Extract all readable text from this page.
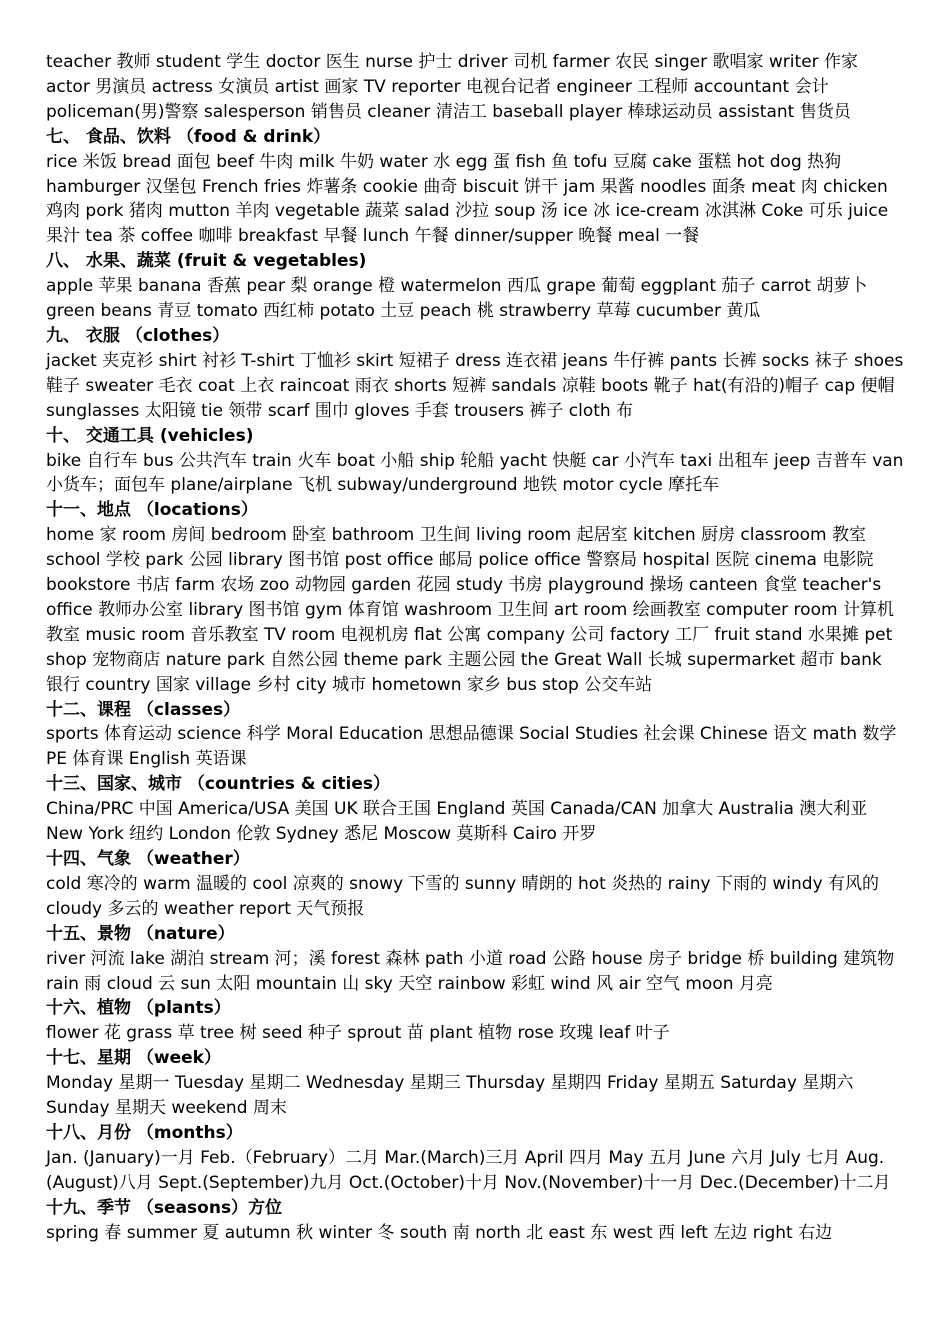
teacher 教师 student 学生 doctor 医生 nurse 护士 driver 司机 farmer 农民 singer 歌唱家 writer 作家 actor 男演员 actress 女演员 artist 画家 TV reporter 电视台记者 engineer 工程师 accountant 会计 policeman(男)警察 salesperson 销售员 cleaner 清洁工 baseball player 棒球运动员 assistant 售货员

七、 食品、饮料 （food & drink）

rice 米饭 bread 面包 beef 牛肉 milk 牛奶 water 水 egg 蛋 fish 鱼 tofu 豆腐 cake 蛋糕 hot dog 热狗 hamburger 汉堡包 French fries 炸薯条 cookie 曲奇 biscuit 饼干 jam 果酱 noodles 面条 meat 肉 chicken 鸡肉 pork 猪肉 mutton 羊肉 vegetable 蔬菜 salad 沙拉 soup 汤 ice 冰 ice-cream 冰淇淋 Coke 可乐 juice 果汁 tea 茶 coffee 咖啡 breakfast 早餐 lunch 午餐 dinner/supper 晚餐 meal 一餐

八、 水果、蔬菜 (fruit & vegetables)

apple 苹果 banana 香蕉 pear 梨 orange 橙 watermelon 西瓜 grape 葡萄 eggplant 茄子 carrot 胡萝卜 green beans 青豆 tomato 西红柿 potato 土豆 peach 桃 strawberry 草莓 cucumber 黄瓜

九、 衣服 （clothes）

jacket 夹克衫 shirt 衬衫 T-shirt 丁恤衫 skirt 短裙子 dress 连衣裙 jeans 牛仔裤 pants 长裤 socks 袜子 shoes 鞋子 sweater 毛衣 coat 上衣 raincoat 雨衣 shorts 短裤 sandals 凉鞋 boots 靴子 hat(有沿的)帽子 cap 便帽 sunglasses 太阳镜 tie 领带 scarf 围巾 gloves 手套 trousers 裤子 cloth 布

十、 交通工具 (vehicles)

bike 自行车 bus 公共汽车 train 火车 boat 小船 ship 轮船 yacht 快艇 car 小汽车 taxi 出租车 jeep 吉普车 van 小货车；面包车 plane/airplane 飞机 subway/underground 地铁 motor cycle 摩托车

十一、地点 （locations）

home 家 room 房间 bedroom 卧室 bathroom 卫生间 living room 起居室 kitchen 厨房 classroom 教室 school 学校 park 公园 library 图书馆 post office 邮局 police office 警察局 hospital 医院 cinema 电影院 bookstore 书店 farm 农场 zoo 动物园 garden 花园 study 书房 playground 操场 canteen 食堂 teacher's office 教师办公室 library 图书馆 gym 体育馆 washroom 卫生间 art room 绘画教室 computer room 计算机教室 music room 音乐教室 TV room 电视机房 flat 公寓 company 公司 factory 工厂 fruit stand 水果摊 pet shop 宠物商店 nature park 自然公园 theme park 主题公园 the Great Wall 长城 supermarket 超市 bank 银行 country 国家 village 乡村 city 城市 hometown 家乡 bus stop 公交车站

十二、课程 （classes）

sports 体育运动 science 科学 Moral Education 思想品德课 Social Studies 社会课 Chinese 语文 math 数学 PE 体育课 English 英语课

十三、国家、城市 （countries & cities）

China/PRC 中国 America/USA 美国 UK 联合王国 England 英国 Canada/CAN 加拿大 Australia 澳大利亚 New York 纽约 London 伦敦 Sydney 悉尼 Moscow 莫斯科 Cairo 开罗

十四、气象 （weather）

cold 寒冷的 warm 温暖的 cool 凉爽的 snowy 下雪的 sunny 晴朗的 hot 炎热的 rainy 下雨的 windy 有风的 cloudy 多云的 weather report 天气预报

十五、景物 （nature）

river 河流 lake 湖泊 stream 河；溪 forest 森林 path 小道 road 公路 house 房子 bridge 桥 building 建筑物 rain 雨 cloud 云 sun 太阳 mountain 山 sky 天空 rainbow 彩虹 wind 风 air 空气 moon 月亮

十六、植物 （plants）

flower 花 grass 草 tree 树 seed 种子 sprout 苗 plant 植物 rose 玫瑰 leaf 叶子

十七、星期 （week）

Monday 星期一 Tuesday 星期二 Wednesday 星期三 Thursday 星期四 Friday 星期五 Saturday 星期六 Sunday 星期天 weekend 周末

十八、月份 （months）

Jan. (January)一月 Feb.（February）二月 Mar.(March)三月 April 四月 May 五月 June 六月 July 七月 Aug.(August)八月 Sept.(September)九月 Oct.(October)十月 Nov.(November)十一月 Dec.(December)十二月

十九、季节 （seasons）方位

spring 春 summer 夏 autumn 秋 winter 冬 south 南 north 北 east 东 west 西 left 左边 right 右边
